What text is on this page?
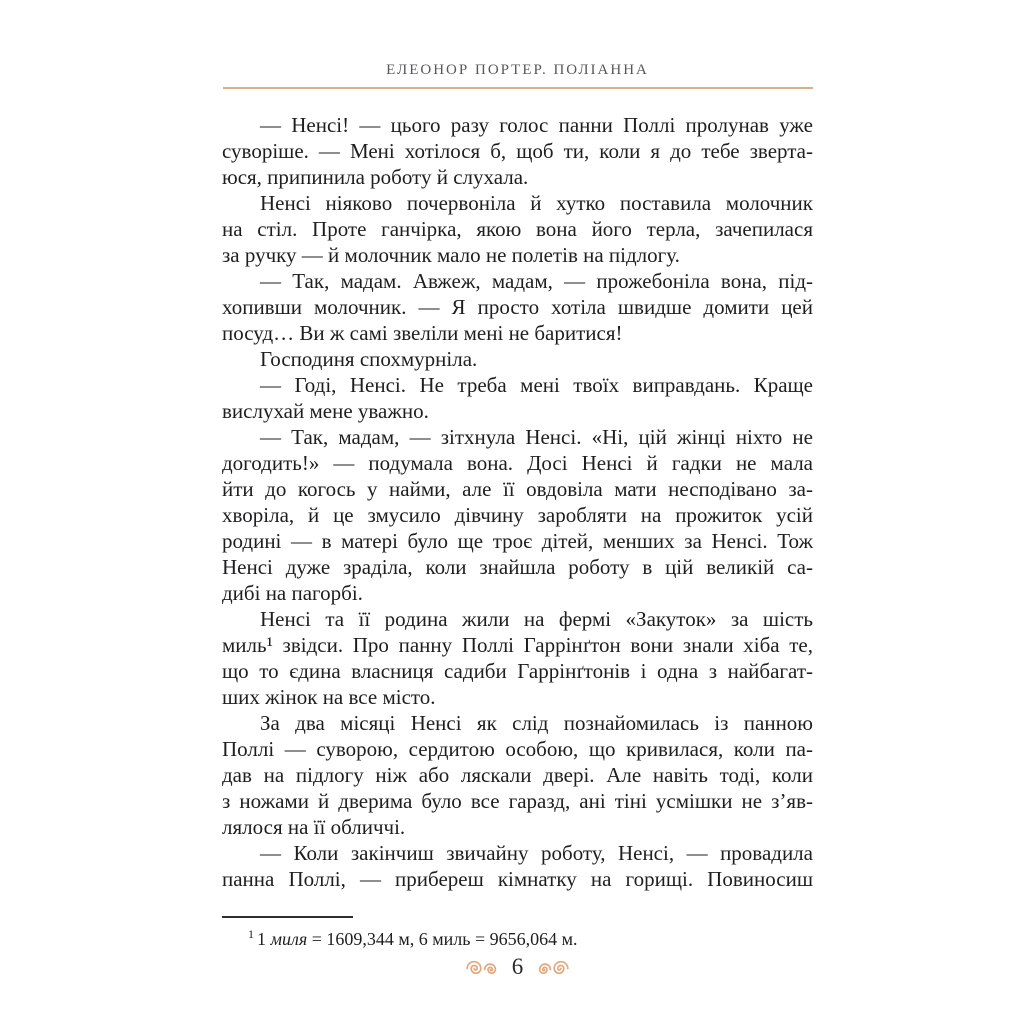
ЕЛЕОНОР ПОРТЕР. ПОЛІАННА
— Ненсі! — цього разу голос панни Поллі пролунав уже
суворіше. — Мені хотілося б, щоб ти, коли я до тебе зверта-
юся, припинила роботу й слухала.
Ненсі ніяково почервоніла й хутко поставила молочник
на стіл. Проте ганчірка, якою вона його терла, зачепилася
за ручку — й молочник мало не полетів на підлогу.
— Так, мадам. Авжеж, мадам, — прожебоніла вона, під-
хопивши молочник. — Я просто хотіла швидше домити цей
посуд… Ви ж самі звеліли мені не баритися!
Господиня спохмурніла.
— Годі, Ненсі. Не треба мені твоїх виправдань. Краще
вислухай мене уважно.
— Так, мадам, — зітхнула Ненсі. «Ні, цій жінці ніхто не
догодить!» — подумала вона. Досі Ненсі й гадки не мала
йти до когось у найми, але її овдовіла мати несподівано за-
хворіла, й це змусило дівчину заробляти на прожиток усій
родині — в матері було ще троє дітей, менших за Ненсі. Тож
Ненсі дуже зраділа, коли знайшла роботу в цій великій са-
дибі на пагорбі.
Ненсі та її родина жили на фермі «Закуток» за шість
миль¹ звідси. Про панну Поллі Гаррінґтон вони знали хіба те,
що то єдина власниця садиби Гаррінґтонів і одна з найбагат-
ших жінок на все місто.
За два місяці Ненсі як слід познайомилась із панною
Поллі — суворою, сердитою особою, що кривилася, коли па-
дав на підлогу ніж або ляскали двері. Але навіть тоді, коли
з ножами й дверима було все гаразд, ані тіні усмішки не з’яв-
лялося на її обличчі.
— Коли закінчиш звичайну роботу, Ненсі, — провадила
панна Поллі, — прибереш кімнатку на горищі. Повиносиш
$^1$ 1 миля = 1609,344 м, 6 миль = 9656,064 м.
6
